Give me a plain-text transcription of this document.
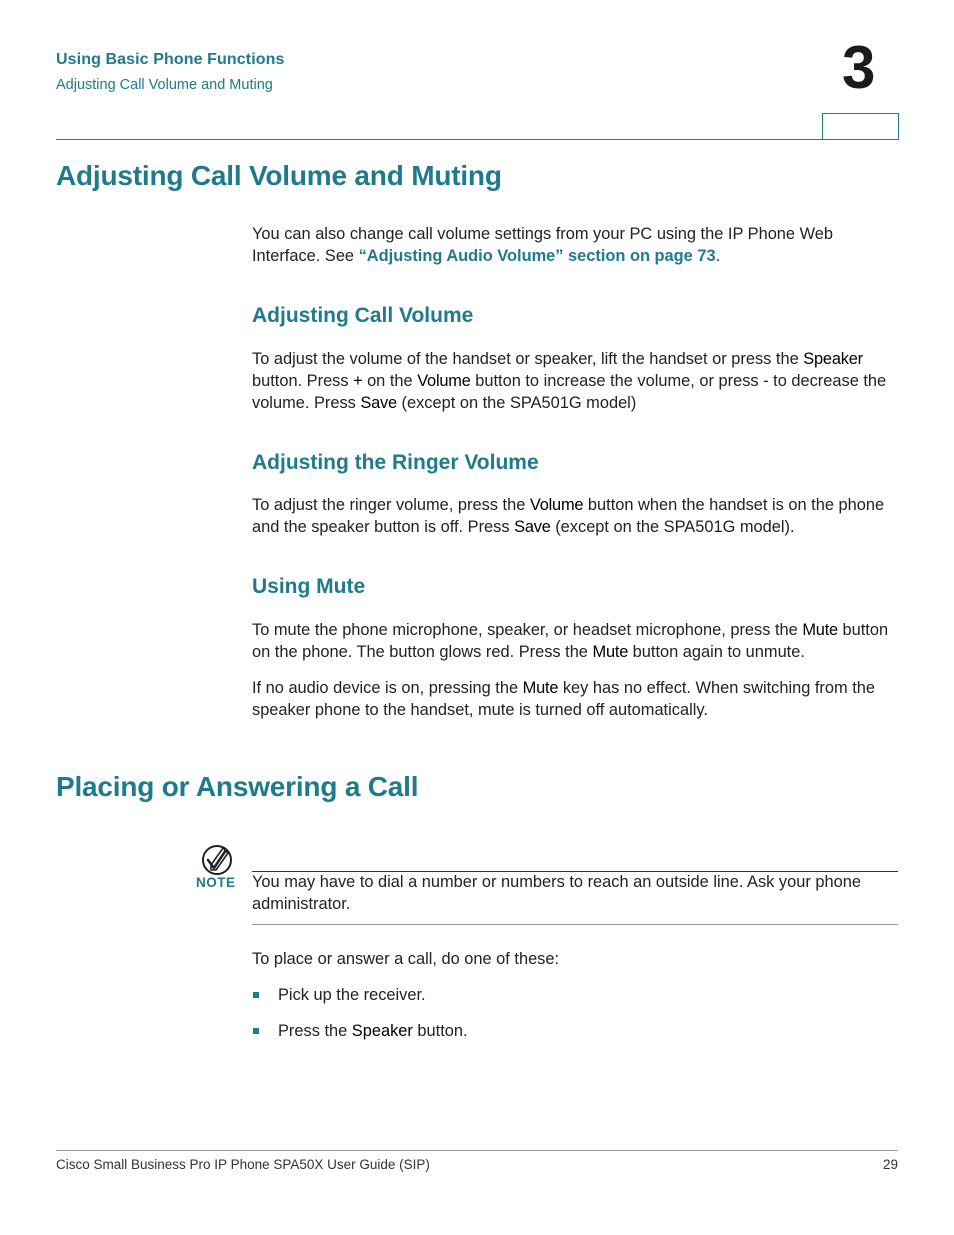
Using Basic Phone Functions
Adjusting Call Volume and Muting	3
Adjusting Call Volume and Muting

You can also change call volume settings from your PC using the IP Phone Web Interface. See “Adjusting Audio Volume” section on page 73.

Adjusting Call Volume

To adjust the volume of the handset or speaker, lift the handset or press the Speaker button. Press + on the Volume button to increase the volume, or press - to decrease the volume. Press Save (except on the SPA501G model)

Adjusting the Ringer Volume

To adjust the ringer volume, press the Volume button when the handset is on the phone and the speaker button is off. Press Save (except on the SPA501G model).

Using Mute

To mute the phone microphone, speaker, or headset microphone, press the Mute button on the phone. The button glows red. Press the Mute button again to unmute.

If no audio device is on, pressing the Mute key has no effect. When switching from the speaker phone to the handset, mute is turned off automatically.

Placing or Answering a Call
NOTE You may have to dial a number or numbers to reach an outside line. Ask your phone administrator.

To place or answer a call, do one of these:

Pick up the receiver.
Press the Speaker button.
Cisco Small Business Pro IP Phone SPA50X User Guide (SIP)	29
